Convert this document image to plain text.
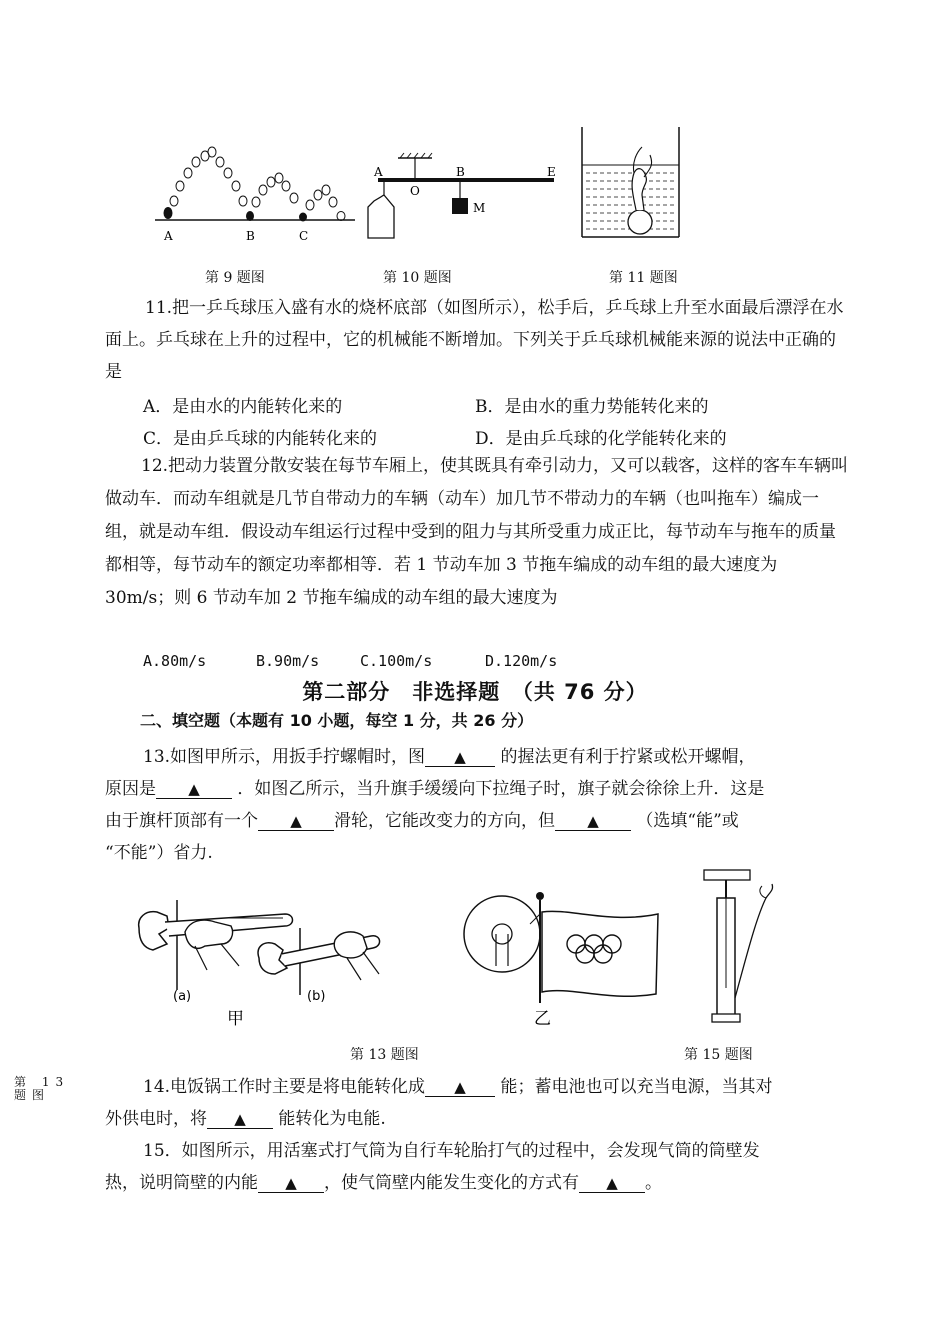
A	B	C
A
O
B	E
M
第 9 题图	第 10 题图	第 11 题图
11.把一乒乓球压入盛有水的烧杯底部（如图所示），松手后，乒乓球上升至水面最后漂浮在水面上。乒乓球在上升的过程中，它的机械能不断增加。下列关于乒乓球机械能来源的说法中正确的是
A．是由水的内能转化来的	B．是由水的重力势能转化来的
C．是由乒乓球的内能转化来的	D．是由乒乓球的化学能转化来的
12.把动力装置分散安装在每节车厢上，使其既具有牵引动力，又可以载客，这样的客车车辆叫做动车．而动车组就是几节自带动力的车辆（动车）加几节不带动力的车辆（也叫拖车）编成一组，就是动车组．假设动车组运行过程中受到的阻力与其所受重力成正比，每节动车与拖车的质量都相等，每节动车的额定功率都相等．若 1 节动车加 3 节拖车编成的动车组的最大速度为 30m/s；则 6 节动车加 2 节拖车编成的动车组的最大速度为
A.80m/s	B.90m/s	C.100m/s	D.120m/s
第二部分　非选择题　（共 76 分）
二、填空题（本题有 10 小题，每空 1 分，共 26 分）
13.如图甲所示，用扳手拧螺帽时，图 ▲ 的握法更有利于拧紧或松开螺帽，
原因是 ▲ ．如图乙所示，当升旗手缓缓向下拉绳子时，旗子就会徐徐上升．这是
由于旗杆顶部有一个 ▲ 滑轮，它能改变力的方向，但 ▲ （选填“能”或
“不能”）省力.
(a)	(b)
甲	乙
第 13 题图	第 15 题图
第 13 题图	14.电饭锅工作时主要是将电能转化成 ▲ 能；蓄电池也可以充当电源，当其对
外供电时，将 ▲ 能转化为电能.
15．如图所示，用活塞式打气筒为自行车轮胎打气的过程中，会发现气筒的筒壁发
热，说明筒壁的内能 ▲ ，使气筒壁内能发生变化的方式有 ▲ 。
